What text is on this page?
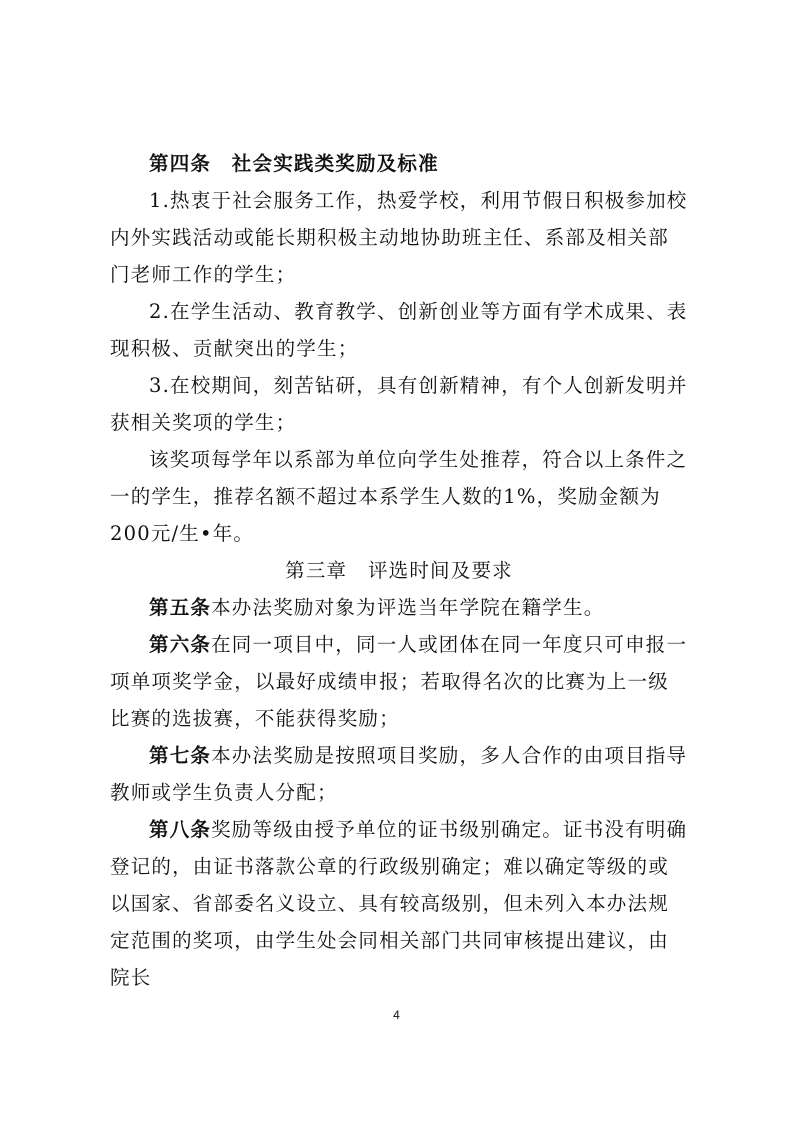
第四条　社会实践类奖励及标准
1.热衷于社会服务工作，热爱学校，利用节假日积极参加校内外实践活动或能长期积极主动地协助班主任、系部及相关部门老师工作的学生；
2.在学生活动、教育教学、创新创业等方面有学术成果、表现积极、贡献突出的学生；
3.在校期间，刻苦钻研，具有创新精神，有个人创新发明并获相关奖项的学生；
该奖项每学年以系部为单位向学生处推荐，符合以上条件之一的学生，推荐名额不超过本系学生人数的1%，奖励金额为200元/生•年。
第三章　评选时间及要求
第五条本办法奖励对象为评选当年学院在籍学生。
第六条在同一项目中，同一人或团体在同一年度只可申报一项单项奖学金，以最好成绩申报；若取得名次的比赛为上一级比赛的选拔赛，不能获得奖励；
第七条本办法奖励是按照项目奖励，多人合作的由项目指导教师或学生负责人分配；
第八条奖励等级由授予单位的证书级别确定。证书没有明确登记的，由证书落款公章的行政级别确定；难以确定等级的或以国家、省部委名义设立、具有较高级别，但未列入本办法规定范围的奖项，由学生处会同相关部门共同审核提出建议，由院长
4
